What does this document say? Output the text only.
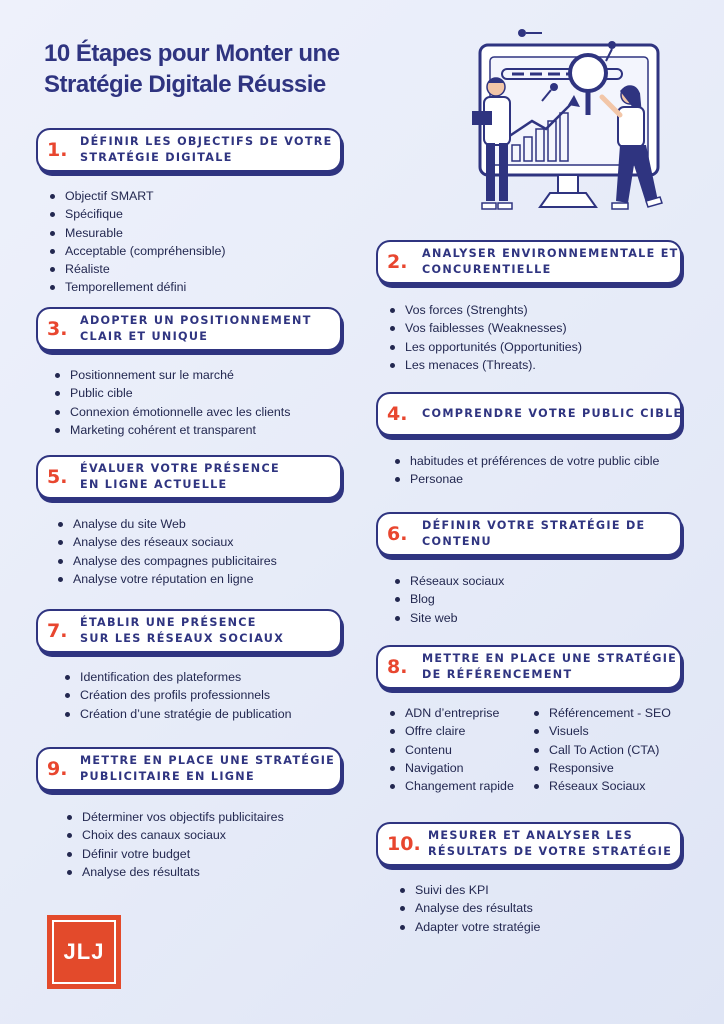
10 Étapes pour Monter une
Stratégie Digitale Réussie
1. DÉFINIR LES OBJECTIFS DE VOTRE
STRATÉGIE DIGITALE
Objectif SMART
Spécifique
Mesurable
Acceptable (compréhensible)
Réaliste
Temporellement défini
2. ANALYSER ENVIRONNEMENTALE ET
CONCURENTIELLE
Vos forces (Strenghts)
Vos faiblesses (Weaknesses)
Les opportunités (Opportunities)
Les menaces (Threats).
3. ADOPTER UN POSITIONNEMENT
CLAIR ET UNIQUE
Positionnement sur le marché
Public cible
Connexion émotionnelle avec les clients
Marketing cohérent et transparent
4. COMPRENDRE VOTRE PUBLIC CIBLE
habitudes et préférences de votre public cible
Personae
5. ÉVALUER VOTRE PRÉSENCE
EN LIGNE ACTUELLE
Analyse du site Web
Analyse des réseaux sociaux
Analyse des compagnes publicitaires
Analyse votre réputation en ligne
6. DÉFINIR VOTRE STRATÉGIE DE
CONTENU
Réseaux sociaux
Blog
Site web
7. ÉTABLIR UNE PRÉSENCE
SUR LES RÉSEAUX SOCIAUX
Identification des plateformes
Création des profils professionnels
Création d’une stratégie de publication
8. METTRE EN PLACE UNE STRATÉGIE
DE RÉFÉRENCEMENT
ADN d’entreprise
Offre claire
Contenu
Navigation
Changement rapide
Référencement - SEO
Visuels
Call To Action (CTA)
Responsive
Réseaux Sociaux
9. METTRE EN PLACE UNE STRATÉGIE
PUBLICITAIRE EN LIGNE
Déterminer vos objectifs publicitaires
Choix des canaux sociaux
Définir votre budget
Analyse des résultats
10. MESURER ET ANALYSER LES
RÉSULTATS DE VOTRE STRATÉGIE
Suivi des KPI
Analyse des résultats
Adapter votre stratégie
JLJ
